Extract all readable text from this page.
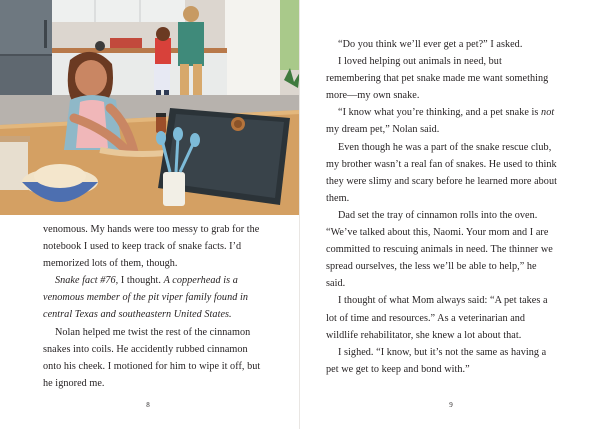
venomous. My hands were too messy to grab for the notebook I used to keep track of snake facts. I’d memorized lots of them, though.

Snake fact #76, I thought. A copperhead is a venomous member of the pit viper family found in central Texas and southeastern United States.

Nolan helped me twist the rest of the cinnamon snakes into coils. He accidently rubbed cinnamon onto his cheek. I motioned for him to wipe it off, but he ignored me.

8

“Do you think we’ll ever get a pet?” I asked.

I loved helping out animals in need, but remembering that pet snake made me want something more—my own snake.

“I know what you’re thinking, and a pet snake is not my dream pet,” Nolan said.

Even though he was a part of the snake rescue club, my brother wasn’t a real fan of snakes. He used to think they were slimy and scary before he learned more about them.

Dad set the tray of cinnamon rolls into the oven. “We’ve talked about this, Naomi. Your mom and I are committed to rescuing animals in need. The thinner we spread ourselves, the less we’ll be able to help,” he said.

I thought of what Mom always said: “A pet takes a lot of time and resources.” As a veterinarian and wildlife rehabilitator, she knew a lot about that.

I sighed. “I know, but it’s not the same as having a pet we get to keep and bond with.”

9
